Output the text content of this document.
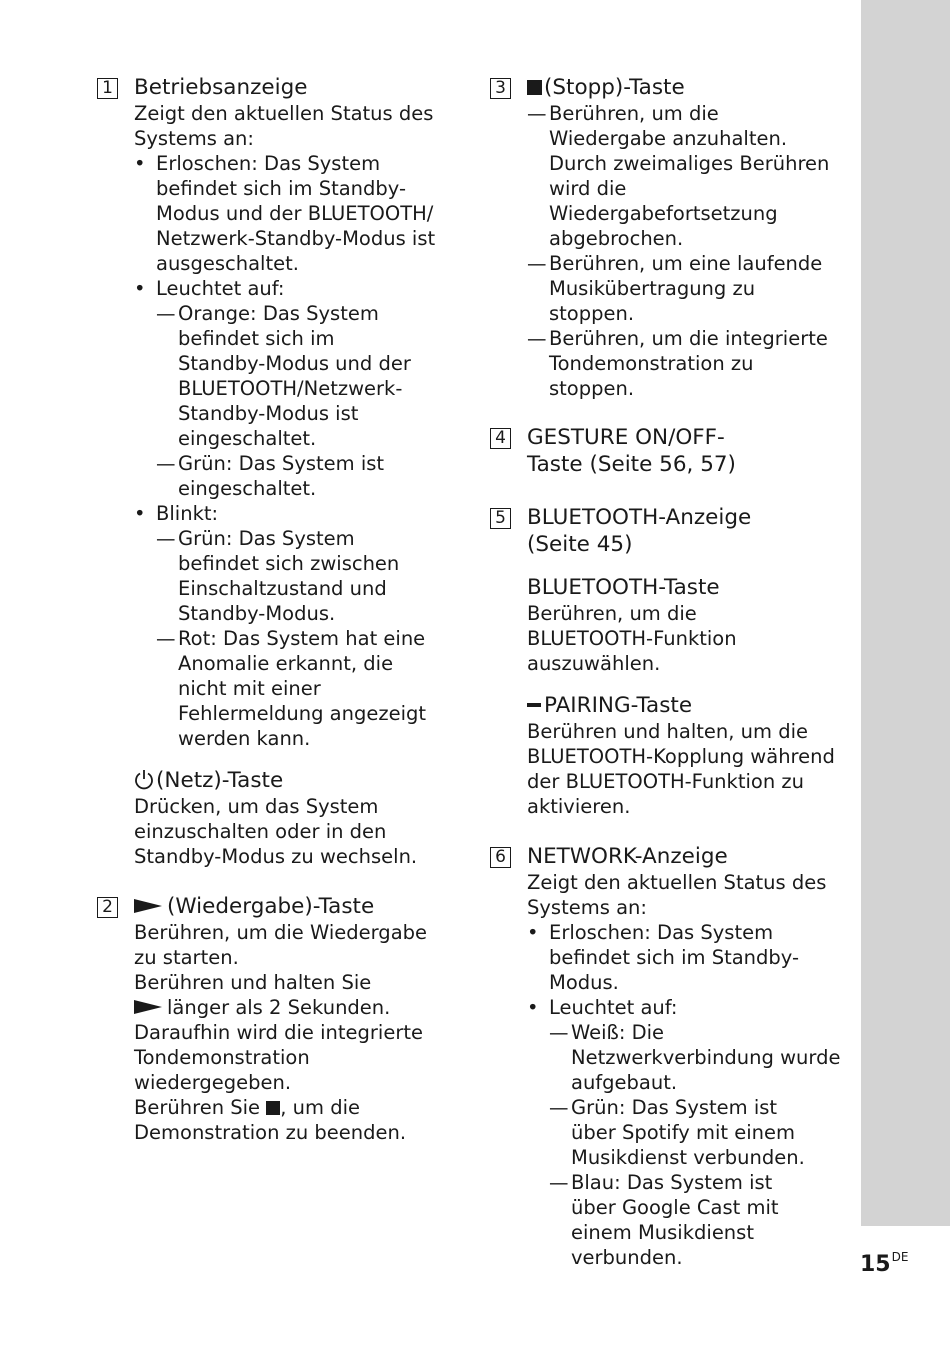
1 Betriebsanzeige

Zeigt den aktuellen Status des Systems an:

• Erloschen: Das System befindet sich im Standby-Modus und der BLUETOOTH/ Netzwerk-Standby-Modus ist ausgeschaltet.
• Leuchtet auf:
— Orange: Das System befindet sich im Standby-Modus und der BLUETOOTH/Netzwerk-Standby-Modus ist eingeschaltet.
— Grün: Das System ist eingeschaltet.
• Blinkt:
— Grün: Das System befindet sich zwischen Einschaltzustand und Standby-Modus.
— Rot: Das System hat eine Anomalie erkannt, die nicht mit einer Fehlermeldung angezeigt werden kann.
(Netz)-Taste

Drücken, um das System einzuschalten oder in den Standby-Modus zu wechseln.

2	(Wiedergabe)-Taste

Berühren, um die Wiedergabe zu starten.

Berühren und halten Sie
länger als 2 Sekunden.

Daraufhin wird die integrierte Tondemonstration wiedergegeben.

Berühren Sie , um die Demonstration zu beenden.

3	(Stopp)-Taste
— Berühren, um die Wiedergabe anzuhalten. Durch zweimaliges Berühren wird die Wiedergabefortsetzung abgebrochen.
— Berühren, um eine laufende Musikübertragung zu stoppen.
— Berühren, um die integrierte Tondemonstration zu stoppen.
4 GESTURE ON/OFF-Taste (Seite 56, 57)
5 BLUETOOTH-Anzeige (Seite 45)
BLUETOOTH-Taste

Berühren, um die BLUETOOTH-Funktion auszuwählen.

PAIRING-Taste

Berühren und halten, um die BLUETOOTH-Kopplung während der BLUETOOTH-Funktion zu aktivieren.

6 NETWORK-Anzeige

Zeigt den aktuellen Status des Systems an:

• Erloschen: Das System befindet sich im Standby-Modus.
• Leuchtet auf:
— Weiß: Die Netzwerkverbindung wurde aufgebaut.
— Grün: Das System ist über Spotify mit einem Musikdienst verbunden.
— Blau: Das System ist über Google Cast mit einem Musikdienst verbunden.	15DE
